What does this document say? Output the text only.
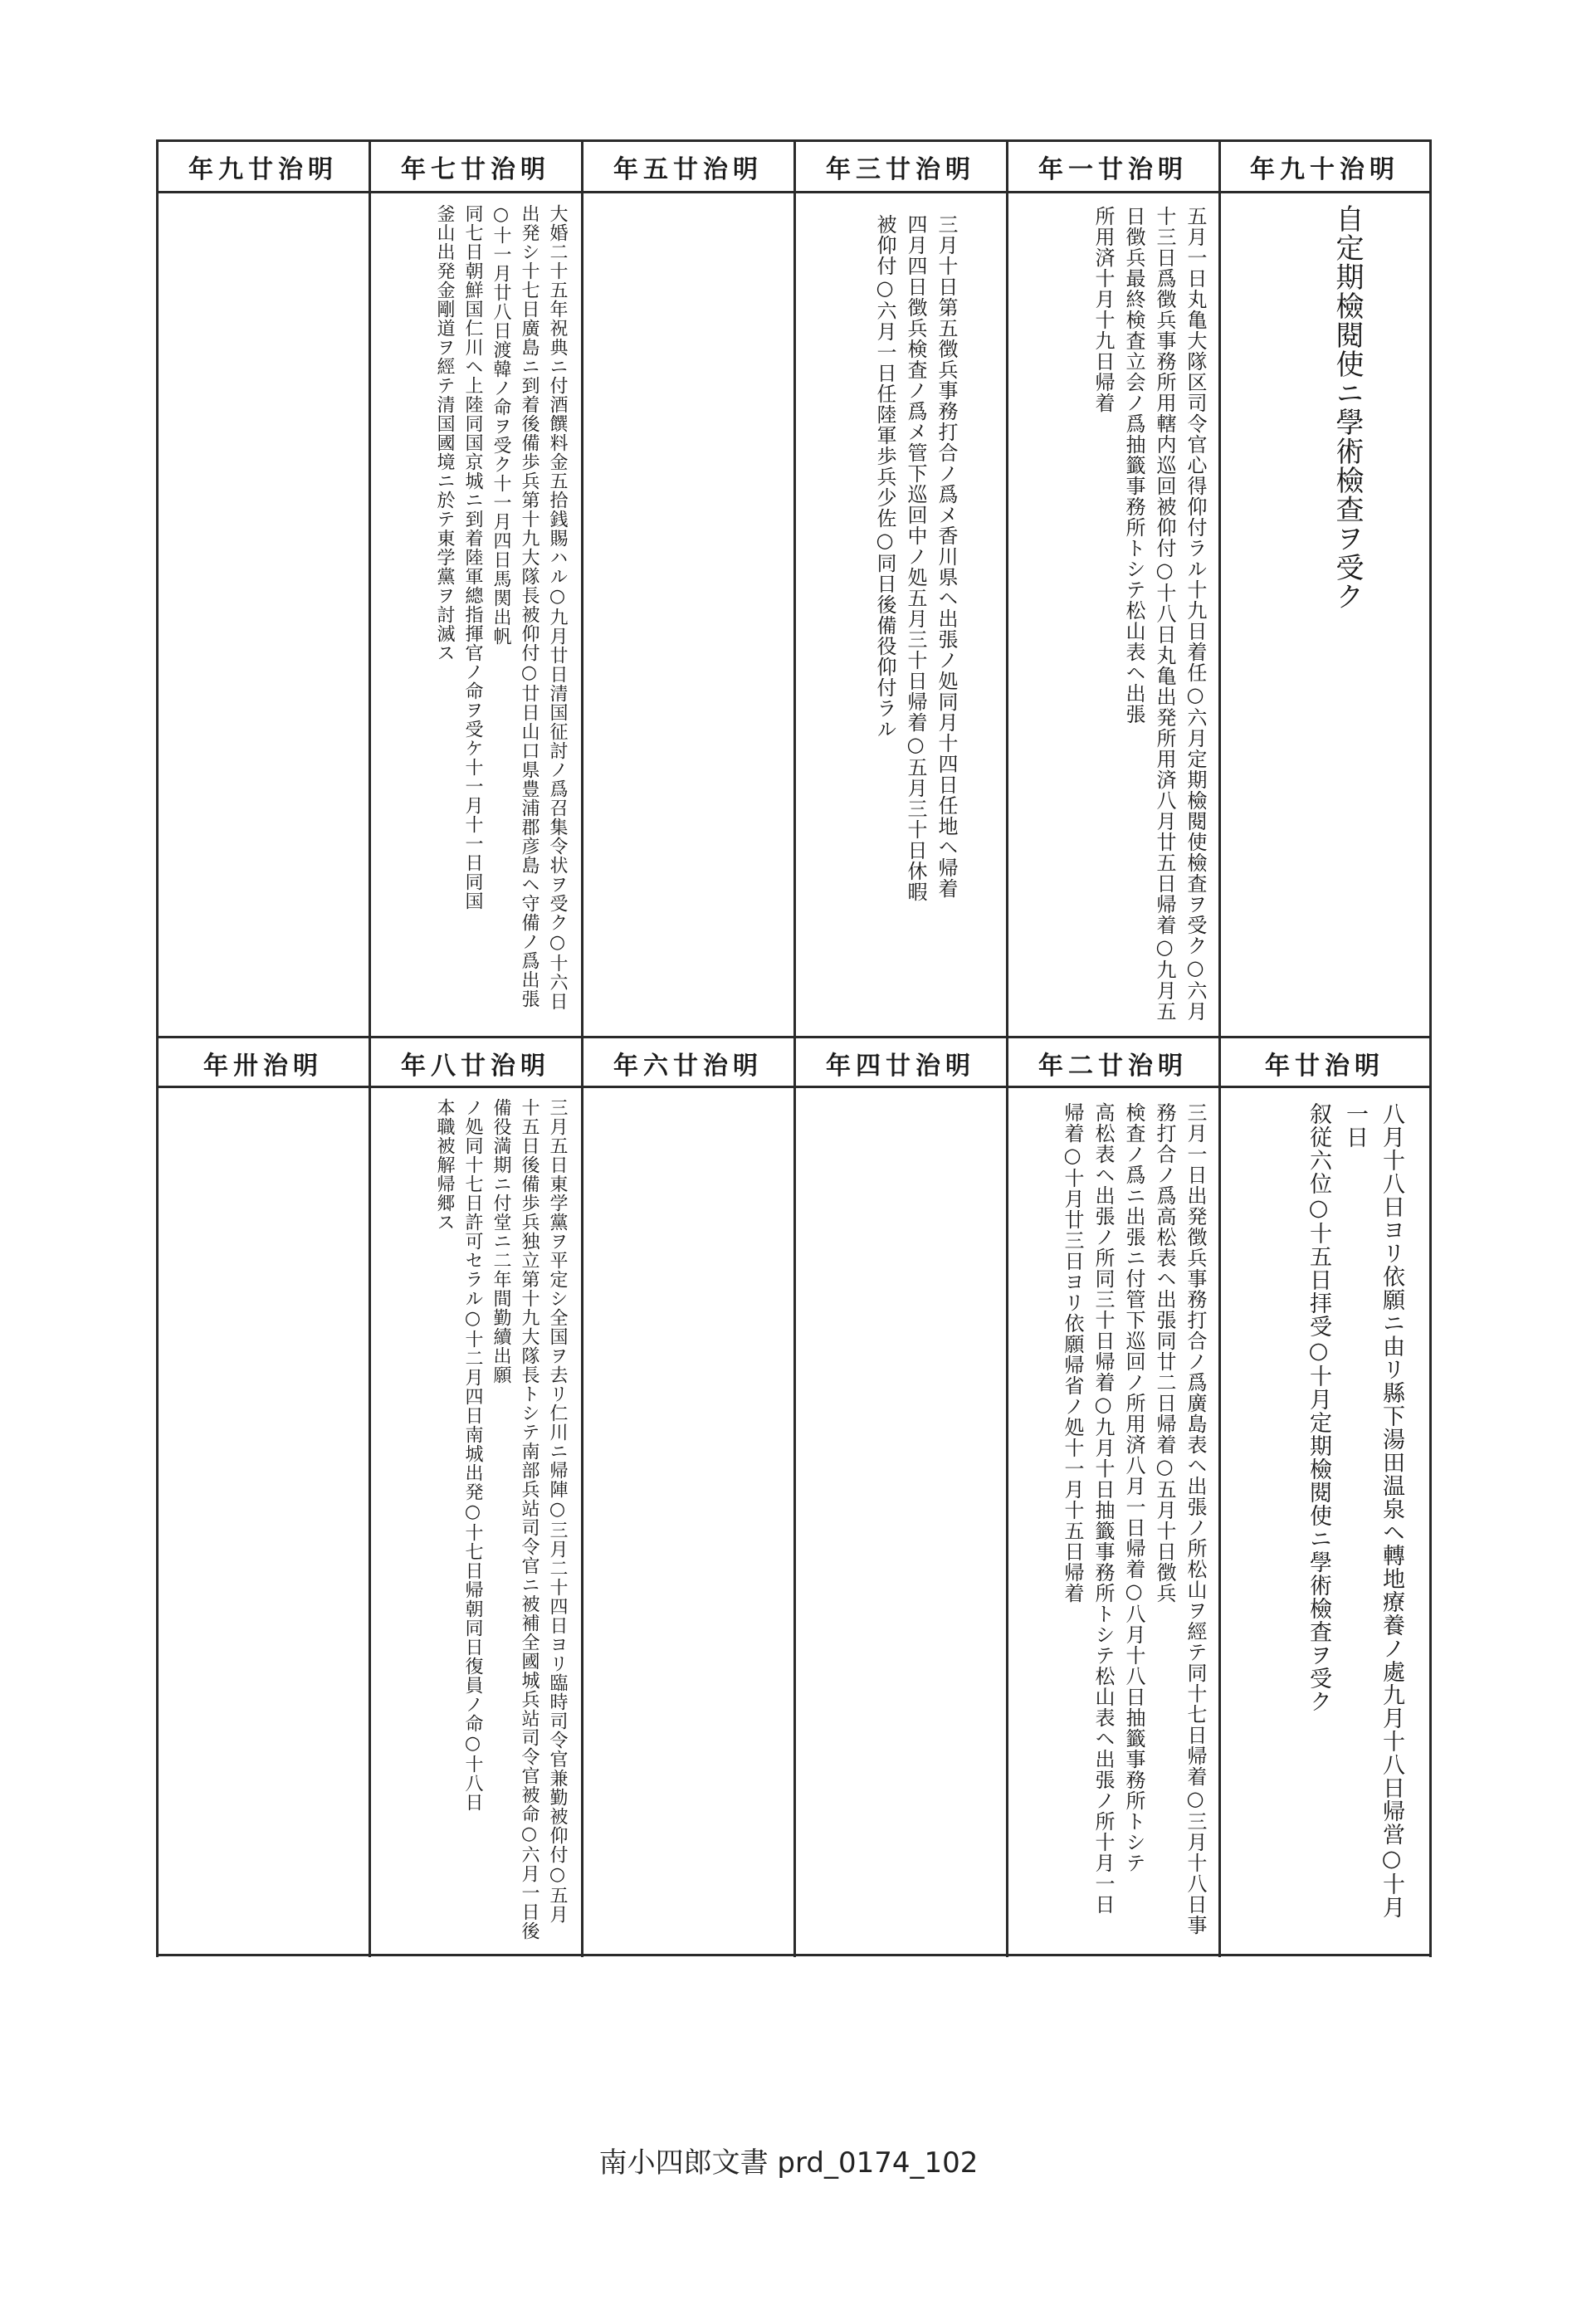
明治十九年
明治廿一年
明治廿三年
明治廿五年
明治廿七年
明治廿九年

自定期檢閱使ニ學術檢查ヲ受ク

五月一日丸亀大隊区司令官心得仰付ラル十九日着任○六月定期檢閱使檢査ヲ受ク○六月十三日爲徴兵事務所用轄内巡回被仰付○十八日丸亀出発所用済八月廿五日帰着○九月五日徴兵最終検査立会ノ爲抽籤事務所トシテ松山表ヘ出張

所用済十月十九日帰着

三月十日第五徴兵事務打合ノ爲メ香川県ヘ出張ノ処同月十四日任地ヘ帰着

四月四日徴兵検査ノ爲メ管下巡回中ノ処五月三十日帰着○五月三十日休暇

被仰付○六月一日任陸軍歩兵少佐○同日後備役仰付ラル

大婚二十五年祝典ニ付酒饌料金五拾銭賜ハル○九月廿日清国征討ノ爲召集令状ヲ受ク○十六日出発シ十七日廣島ニ到着後備歩兵第十九大隊長被仰付○廿日山口県豊浦郡彦島ヘ守備ノ爲出張○十一月廿八日渡韓ノ命ヲ受ク十一月四日馬関出帆

同七日朝鮮国仁川ヘ上陸同国京城ニ到着陸軍總指揮官ノ命ヲ受ケ十一月十一日同国

釜山出発金剛道ヲ經テ清国國境ニ於テ東学黨ヲ討滅ス

明治廿年
明治廿二年
明治廿四年
明治廿六年
明治廿八年
明治卅年

八月十八日ヨリ依願ニ由リ縣下湯田温泉ヘ轉地療養ノ處九月十八日帰営○十月一日

叙従六位○十五日拝受○十月定期檢閱使ニ學術檢査ヲ受ク

三月一日出発徴兵事務打合ノ爲廣島表ヘ出張ノ所松山ヲ經テ同十七日帰着○三月十八日事務打合ノ爲高松表ヘ出張同廿二日帰着○五月十日徴兵

検査ノ爲ニ出張ニ付管下巡回ノ所用済八月一日帰着○八月十八日抽籤事務所トシテ

高松表ヘ出張ノ所同三十日帰着○九月十日抽籤事務所トシテ松山表ヘ出張ノ所十月一日

帰着○十月廿三日ヨリ依願帰省ノ処十一月十五日帰着

三月五日東学黨ヲ平定シ全国ヲ去リ仁川ニ帰陣○三月二十四日ヨリ臨時司令官兼勤被仰付○五月十五日後備歩兵独立第十九大隊長トシテ南部兵站司令官ニ被補全國城兵站司令官被命○六月一日後備役満期ニ付堂ニ二年間勤續出願

ノ処同十七日許可セラル○十二月四日南城出発○十七日帰朝同日復員ノ命○十八日

本職被解帰郷ス

南小四郎文書 prd_0174_102
